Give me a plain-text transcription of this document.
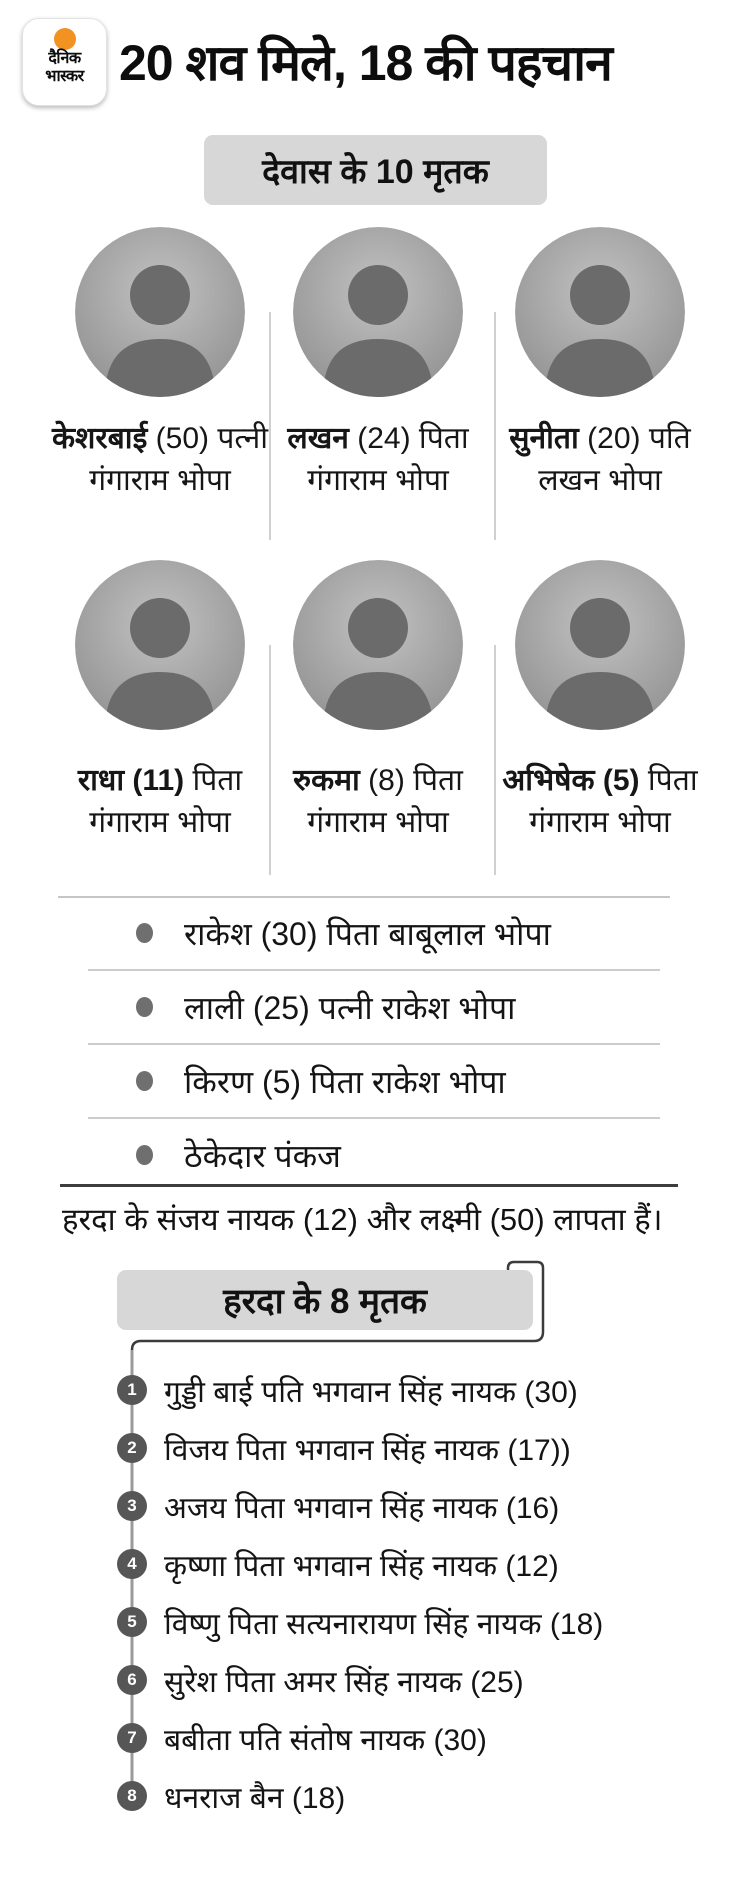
दैनिक
भास्कर 20 शव मिले, 18 की पहचान
देवास के 10 मृतक
केशरबाई (50) पत्नी गंगाराम भोपा
लखन (24) पिता गंगाराम भोपा
सुनीता (20) पति लखन भोपा
राधा (11) पिता गंगाराम भोपा
रुकमा (8) पिता गंगाराम भोपा
अभिषेक (5) पिता गंगाराम भोपा
राकेश (30) पिता बाबूलाल भोपा
लाली (25) पत्नी राकेश भोपा
किरण (5) पिता राकेश भोपा
ठेकेदार पंकज
हरदा के संजय नायक (12) और लक्ष्मी (50) लापता हैं।
हरदा के 8 मृतक
1 गुड्डी बाई पति भगवान सिंह नायक (30)
2 विजय पिता भगवान सिंह नायक (17))
3 अजय पिता भगवान सिंह नायक (16)
4 कृष्णा पिता भगवान सिंह नायक (12)
5 विष्णु पिता सत्यनारायण सिंह नायक (18)
6 सुरेश पिता अमर सिंह नायक (25)
7 बबीता पति संतोष नायक (30)
8 धनराज बैन (18)
